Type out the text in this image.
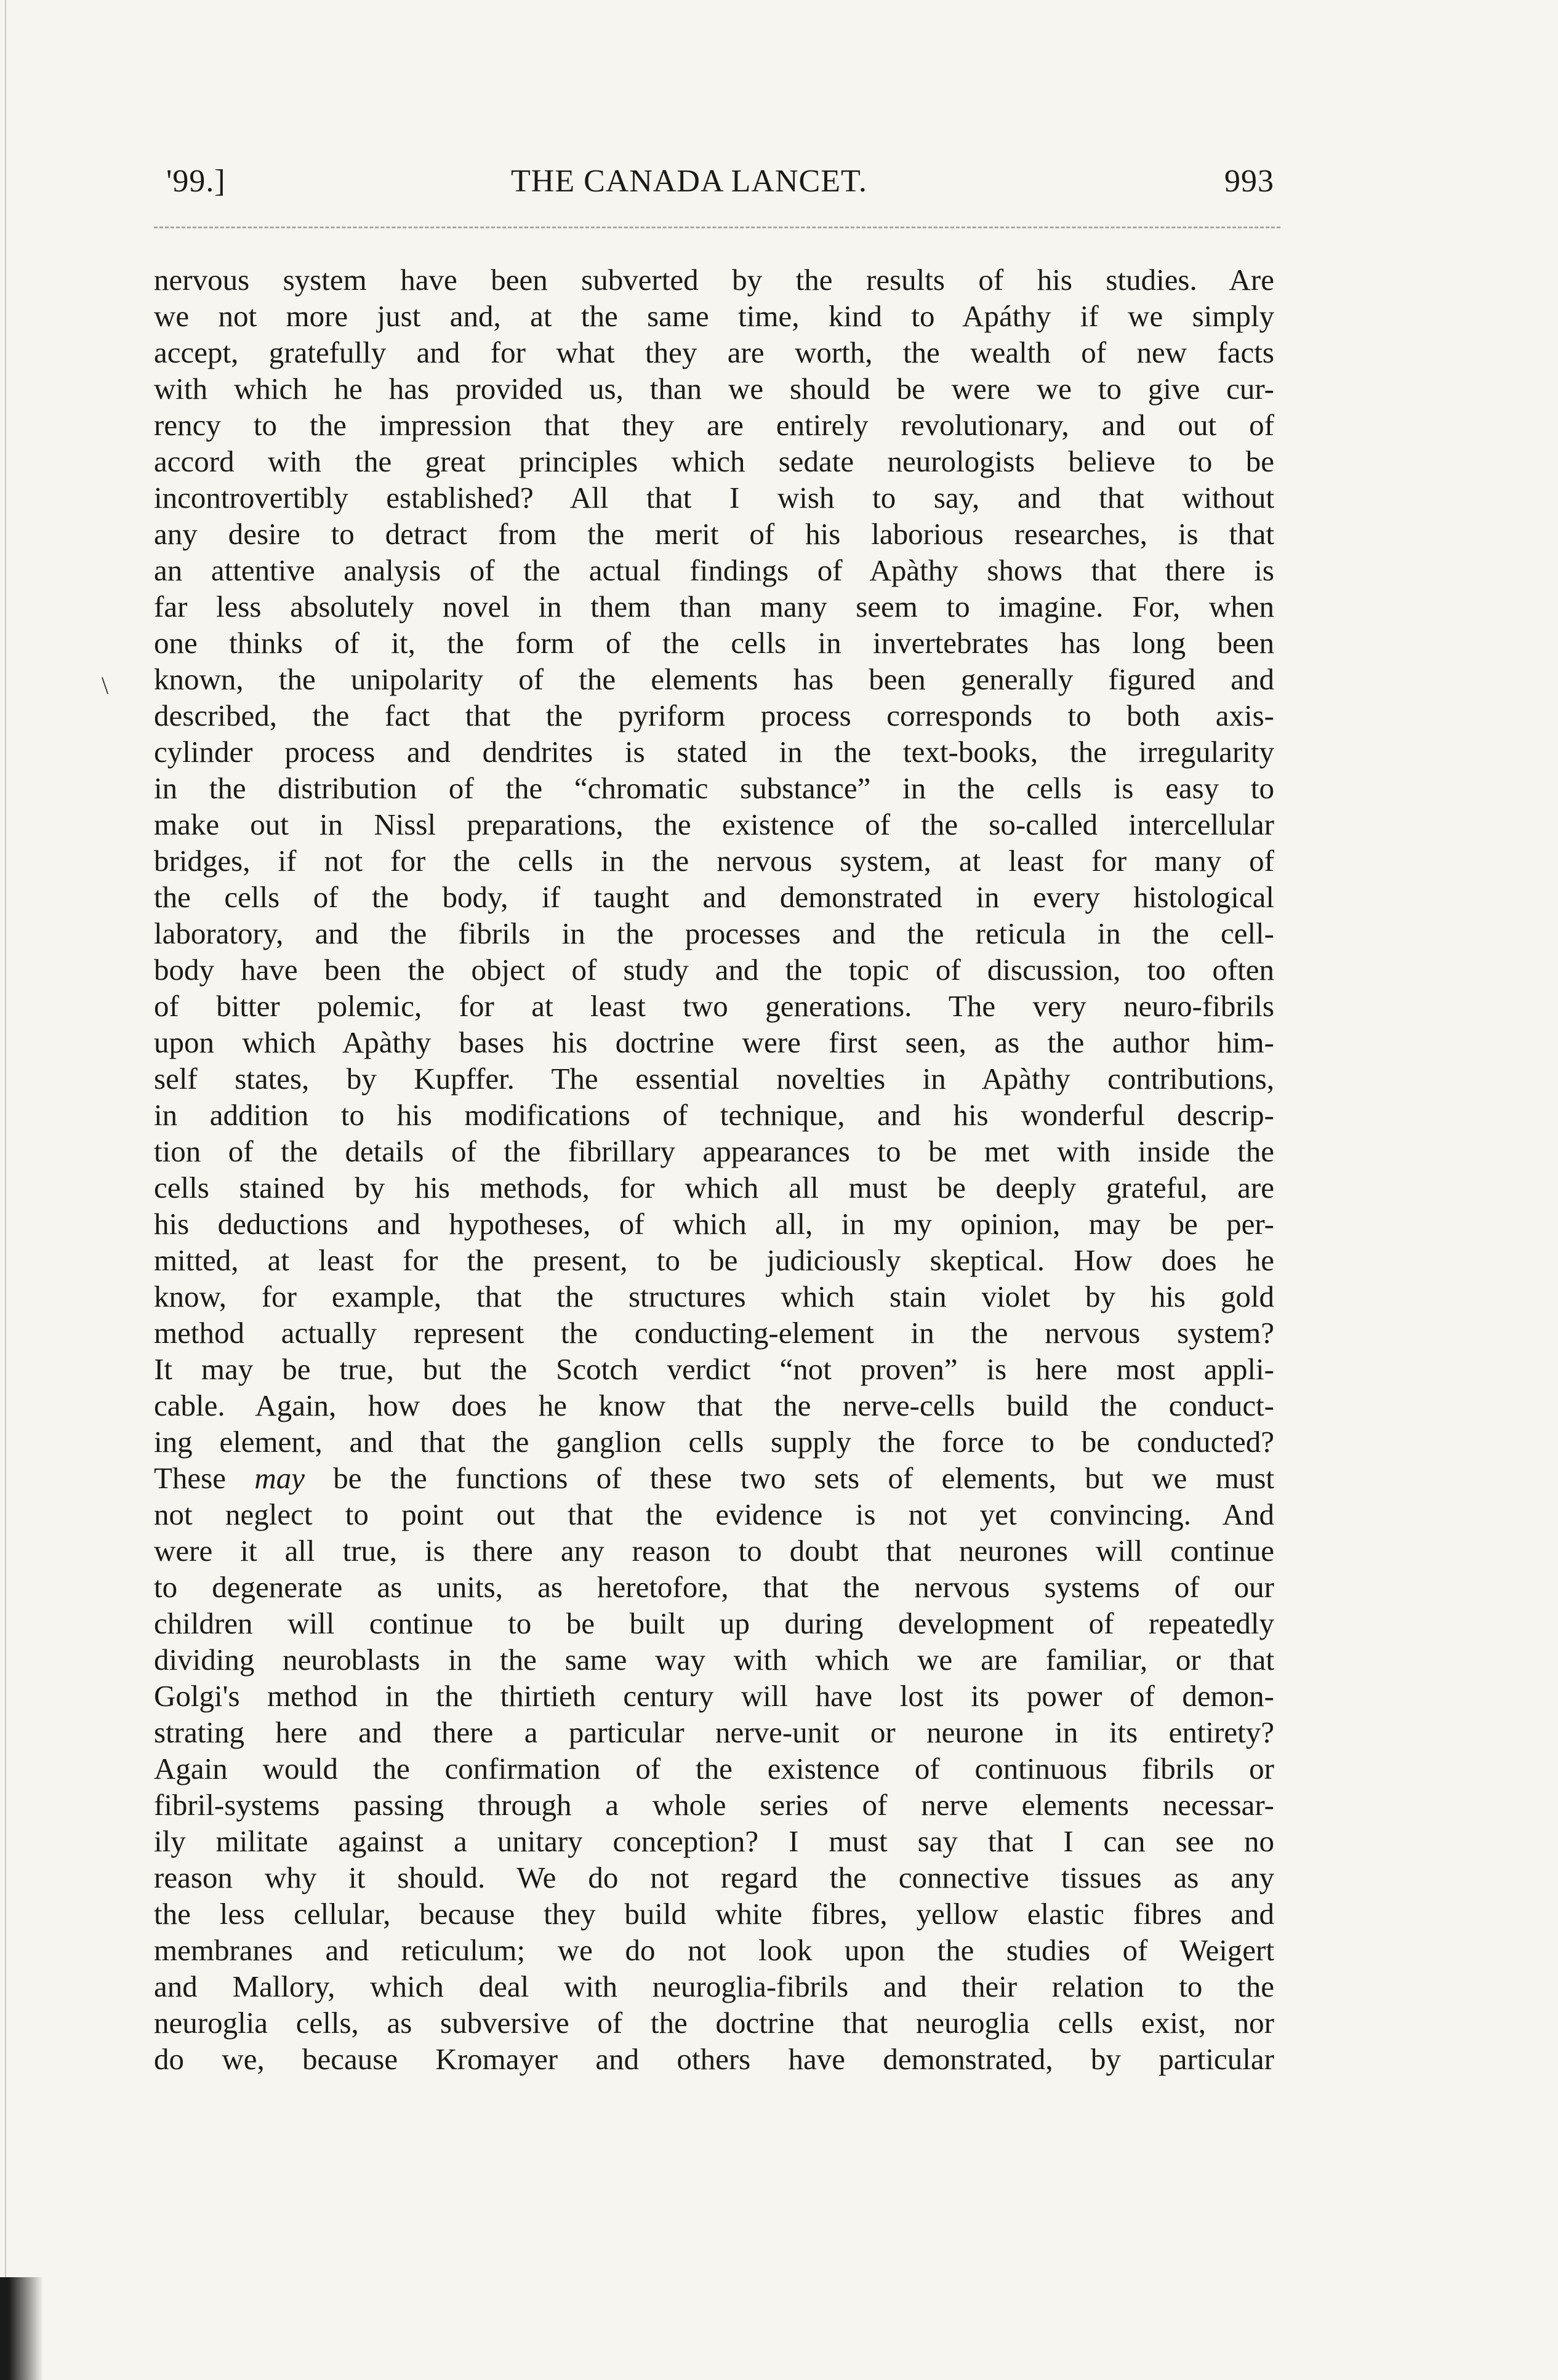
'99.]	THE CANADA LANCET.	993
\
nervous system have been subverted by the results of his studies. Are
we not more just and, at the same time, kind to Apáthy if we simply
accept, gratefully and for what they are worth, the wealth of new facts
with which he has provided us, than we should be were we to give cur-
rency to the impression that they are entirely revolutionary, and out of
accord with the great principles which sedate neurologists believe to be
incontrovertibly established? All that I wish to say, and that without
any desire to detract from the merit of his laborious researches, is that
an attentive analysis of the actual findings of Apàthy shows that there is
far less absolutely novel in them than many seem to imagine. For, when
one thinks of it, the form of the cells in invertebrates has long been
known, the unipolarity of the elements has been generally figured and
described, the fact that the pyriform process corresponds to both axis-
cylinder process and dendrites is stated in the text-books, the irregularity
in the distribution of the “chromatic substance” in the cells is easy to
make out in Nissl preparations, the existence of the so-called intercellular
bridges, if not for the cells in the nervous system, at least for many of
the cells of the body, if taught and demonstrated in every histological
laboratory, and the fibrils in the processes and the reticula in the cell-
body have been the object of study and the topic of discussion, too often
of bitter polemic, for at least two generations. The very neuro-fibrils
upon which Apàthy bases his doctrine were first seen, as the author him-
self states, by Kupffer. The essential novelties in Apàthy contributions,
in addition to his modifications of technique, and his wonderful descrip-
tion of the details of the fibrillary appearances to be met with inside the
cells stained by his methods, for which all must be deeply grateful, are
his deductions and hypotheses, of which all, in my opinion, may be per-
mitted, at least for the present, to be judiciously skeptical. How does he
know, for example, that the structures which stain violet by his gold
method actually represent the conducting-element in the nervous system?
It may be true, but the Scotch verdict “not proven” is here most appli-
cable. Again, how does he know that the nerve-cells build the conduct-
ing element, and that the ganglion cells supply the force to be conducted?
These may be the functions of these two sets of elements, but we must
not neglect to point out that the evidence is not yet convincing. And
were it all true, is there any reason to doubt that neurones will continue
to degenerate as units, as heretofore, that the nervous systems of our
children will continue to be built up during development of repeatedly
dividing neuroblasts in the same way with which we are familiar, or that
Golgi's method in the thirtieth century will have lost its power of demon-
strating here and there a particular nerve-unit or neurone in its entirety?
Again would the confirmation of the existence of continuous fibrils or
fibril-systems passing through a whole series of nerve elements necessar-
ily militate against a unitary conception? I must say that I can see no
reason why it should. We do not regard the connective tissues as any
the less cellular, because they build white fibres, yellow elastic fibres and
membranes and reticulum; we do not look upon the studies of Weigert
and Mallory, which deal with neuroglia-fibrils and their relation to the
neuroglia cells, as subversive of the doctrine that neuroglia cells exist, nor
do we, because Kromayer and others have demonstrated, by particular
